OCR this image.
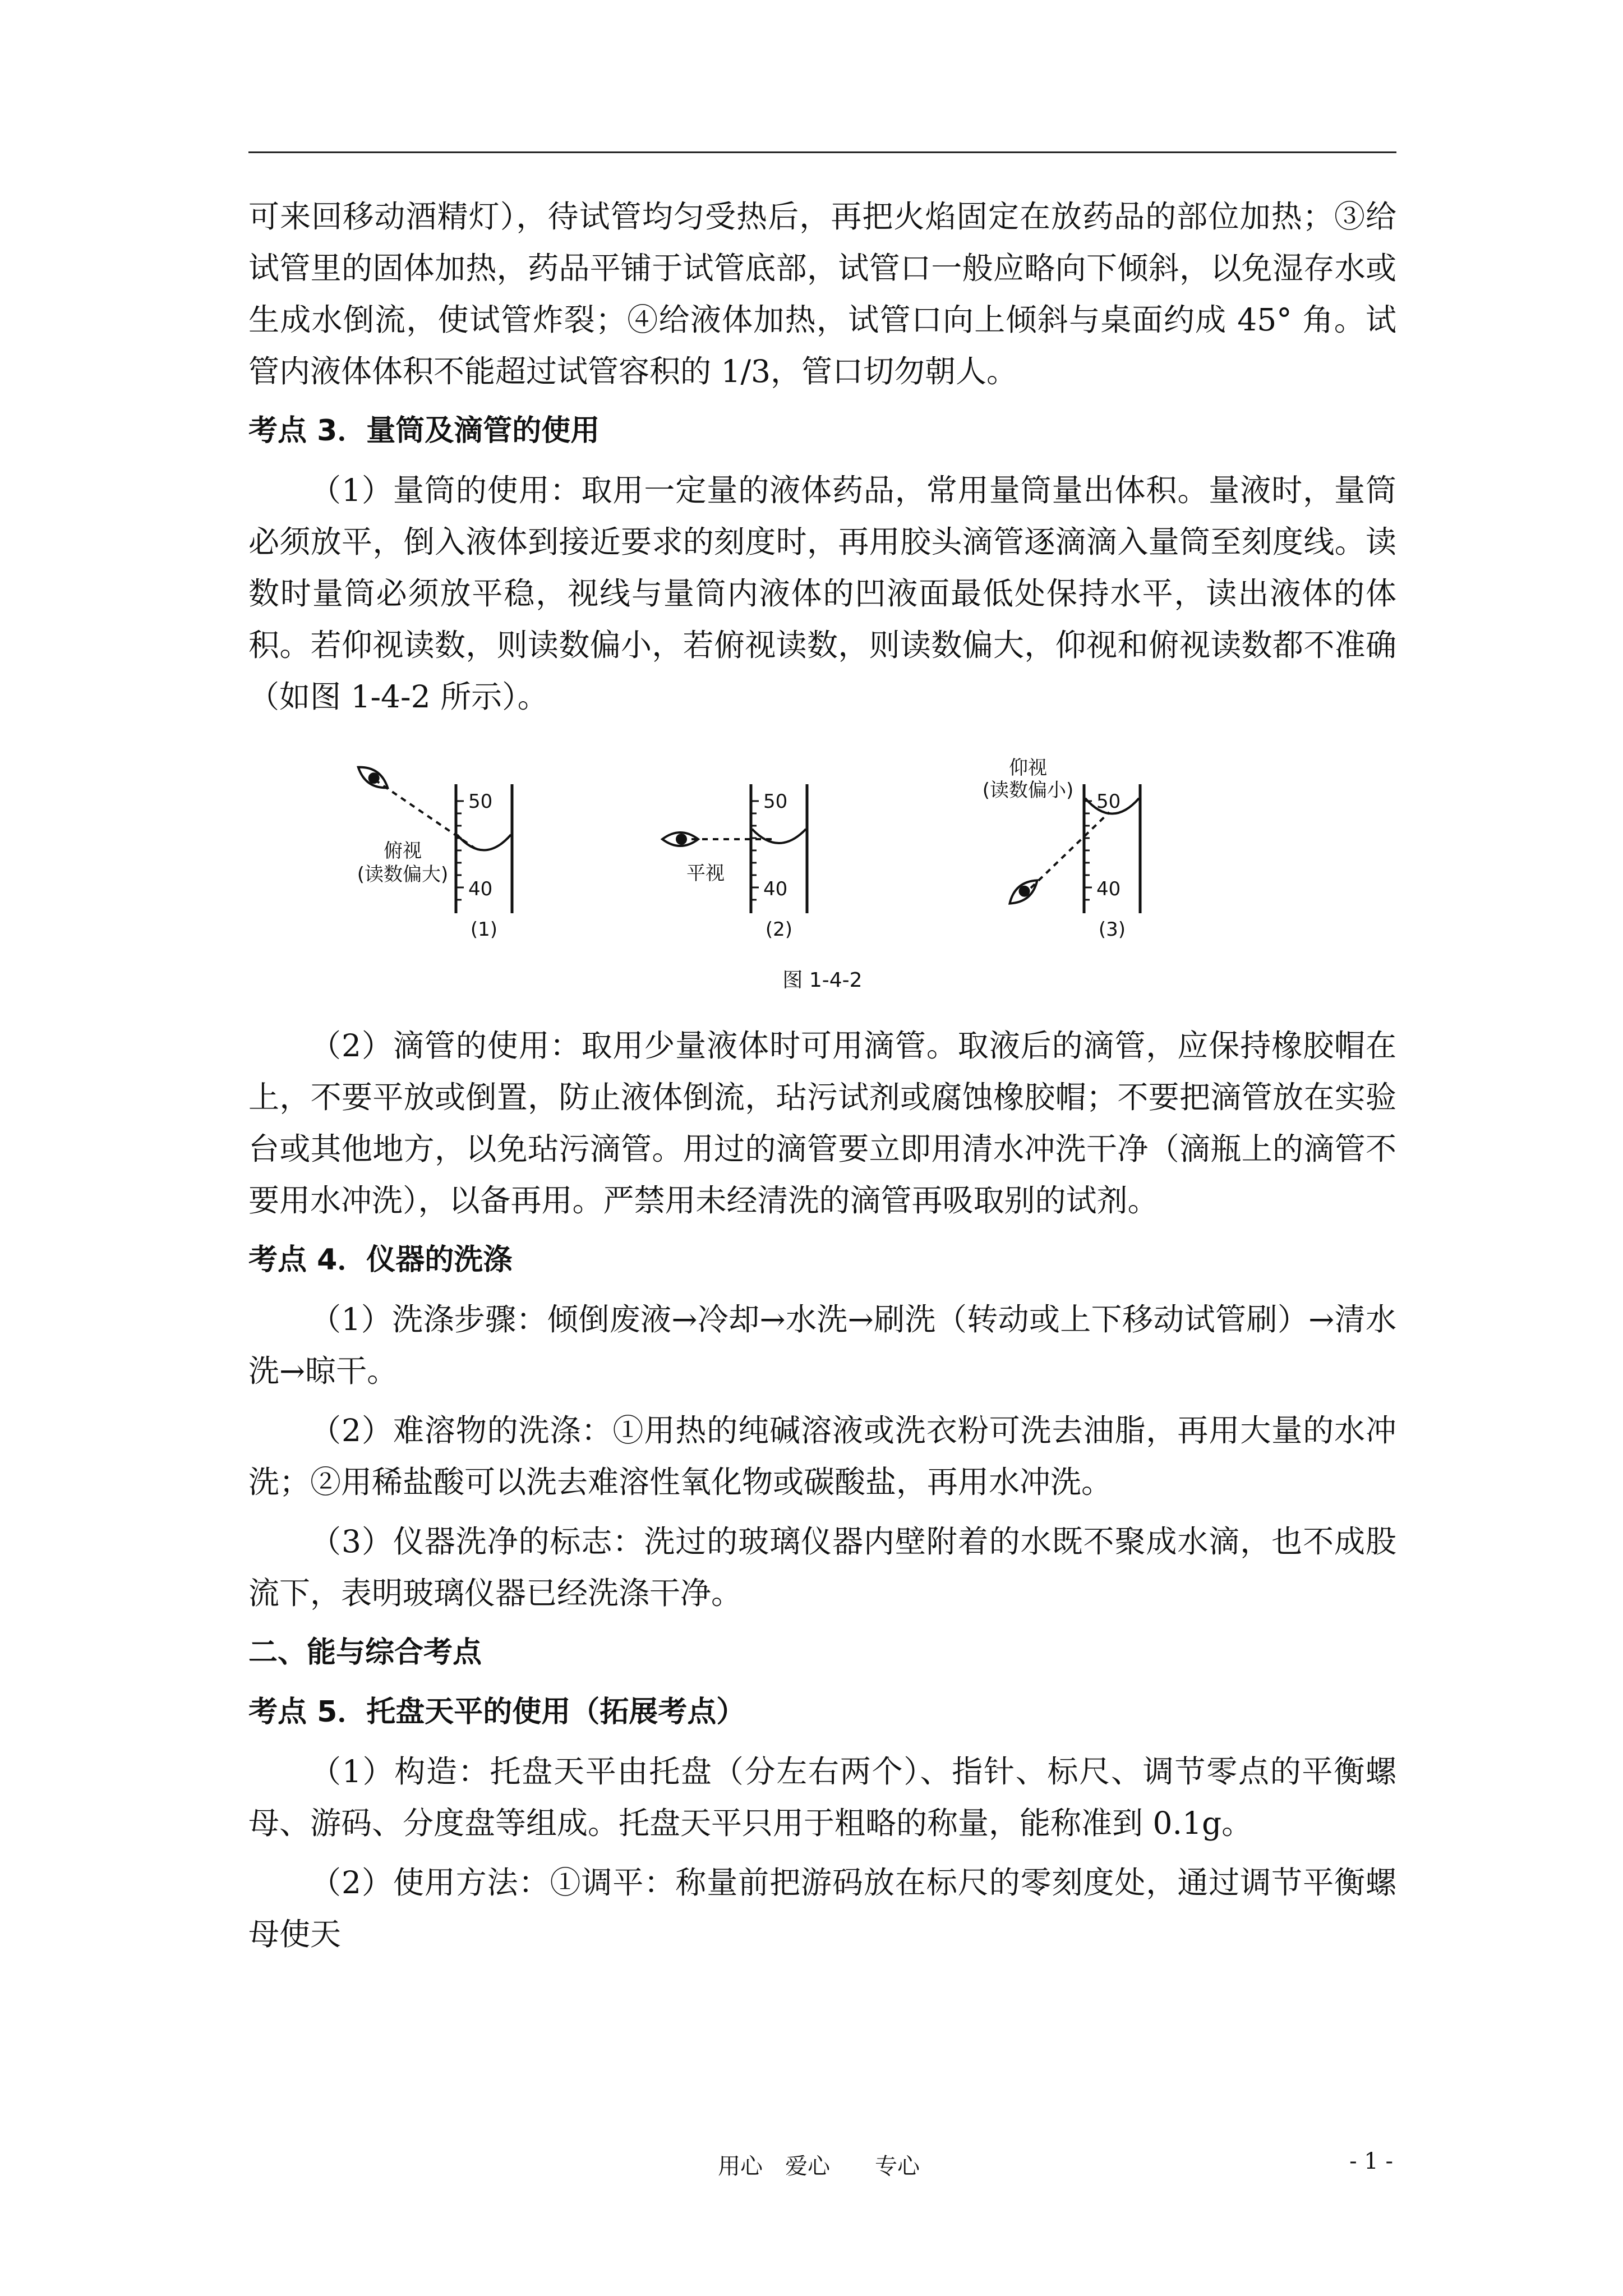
可来回移动酒精灯），待试管均匀受热后，再把火焰固定在放药品的部位加热；③给试管里的固体加热，药品平铺于试管底部，试管口一般应略向下倾斜，以免湿存水或生成水倒流，使试管炸裂；④给液体加热，试管口向上倾斜与桌面约成 45° 角。试管内液体体积不能超过试管容积的 1/3，管口切勿朝人。

考点 3．量筒及滴管的使用

（1）量筒的使用：取用一定量的液体药品，常用量筒量出体积。量液时，量筒必须放平，倒入液体到接近要求的刻度时，再用胶头滴管逐滴滴入量筒至刻度线。读数时量筒必须放平稳，视线与量筒内液体的凹液面最低处保持水平，读出液体的体积。若仰视读数，则读数偏小，若俯视读数，则读数偏大，仰视和俯视读数都不准确（如图 1-4-2 所示）。

50
40
俯视
(读数偏大)
(1)
50
40
平视
(2)
50
40
仰视
(读数偏小)
(3)
图 1-4-2

（2）滴管的使用：取用少量液体时可用滴管。取液后的滴管，应保持橡胶帽在上，不要平放或倒置，防止液体倒流，玷污试剂或腐蚀橡胶帽；不要把滴管放在实验台或其他地方，以免玷污滴管。用过的滴管要立即用清水冲洗干净（滴瓶上的滴管不要用水冲洗），以备再用。严禁用未经清洗的滴管再吸取别的试剂。

考点 4．仪器的洗涤

（1）洗涤步骤：倾倒废液→冷却→水洗→刷洗（转动或上下移动试管刷）→清水洗→晾干。

（2）难溶物的洗涤：①用热的纯碱溶液或洗衣粉可洗去油脂，再用大量的水冲洗；②用稀盐酸可以洗去难溶性氧化物或碳酸盐，再用水冲洗。

（3）仪器洗净的标志：洗过的玻璃仪器内壁附着的水既不聚成水滴，也不成股流下，表明玻璃仪器已经洗涤干净。

二、能与综合考点

考点 5．托盘天平的使用（拓展考点）

（1）构造：托盘天平由托盘（分左右两个）、指针、标尺、调节零点的平衡螺母、游码、分度盘等组成。托盘天平只用于粗略的称量，能称准到 0.1g。

（2）使用方法：①调平：称量前把游码放在标尺的零刻度处，通过调节平衡螺母使天

用心　爱心　　专心	- 1 -
